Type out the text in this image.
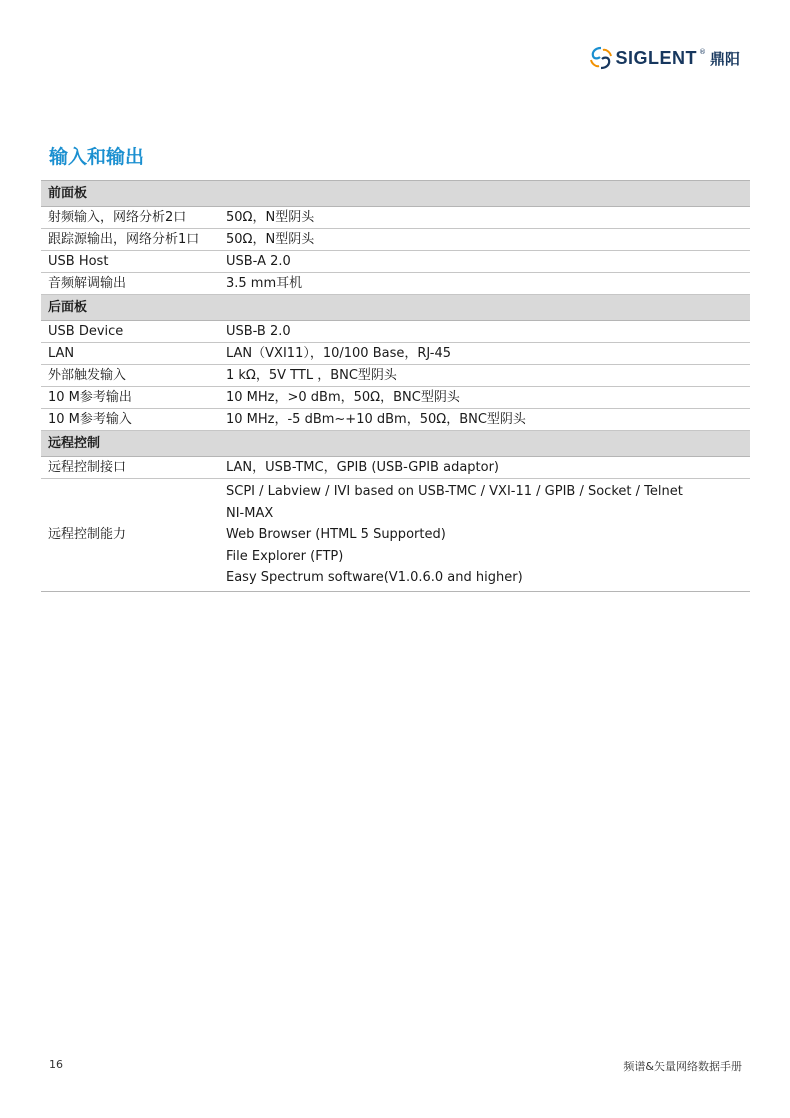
SIGLENT ® 鼎阳
输入和输出
前面板	
射频输入，网络分析2口	50Ω，N型阴头
跟踪源输出，网络分析1口	50Ω，N型阴头
USB Host	USB-A 2.0
音频解调输出	3.5 mm耳机
后面板	
USB Device	USB-B 2.0
LAN	LAN（VXI11），10/100 Base，RJ-45
外部触发输入	1 kΩ，5V TTL ，BNC型阴头
10 M参考输出	10 MHz，>0 dBm，50Ω，BNC型阴头
10 M参考输入	10 MHz，-5 dBm~+10 dBm，50Ω，BNC型阴头
远程控制	
远程控制接口	LAN，USB-TMC，GPIB (USB-GPIB adaptor)
远程控制能力	SCPI / Labview / IVI based on USB-TMC / VXI-11 / GPIB / Socket / Telnet
NI-MAX
Web Browser (HTML 5 Supported)
File Explorer (FTP)
Easy Spectrum software(V1.0.6.0 and higher)
16	频谱&矢量网络数据手册
